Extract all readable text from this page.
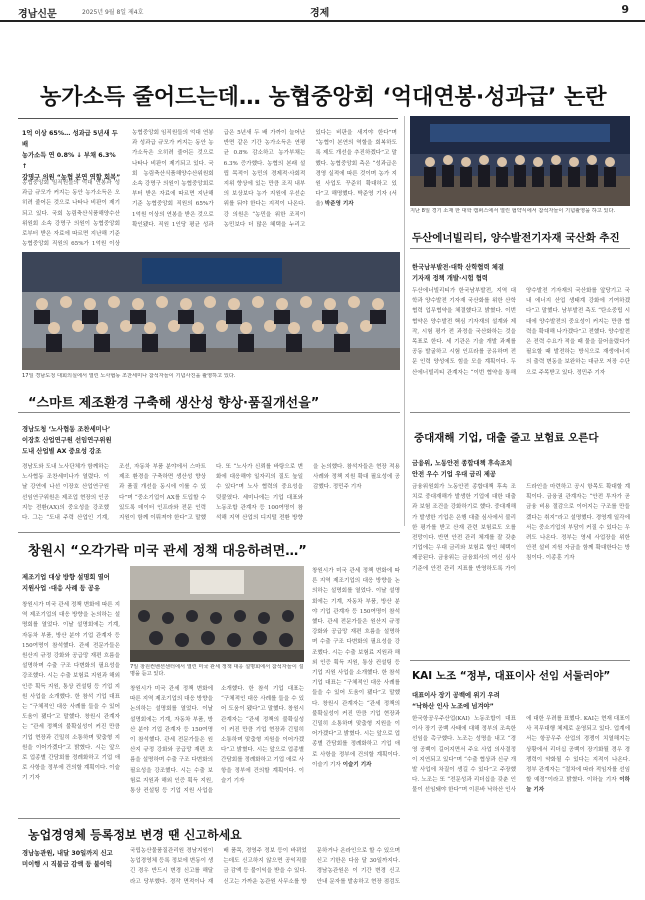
경남신문	2025년 9월 8일 제4호	경제	9
농가소득 줄어드는데… 농협중앙회 ‘억대연봉·성과급’ 논란
1억 이상 65%… 성과급 5년새 두배
농가소득 연 0.8% ↓ 부채 6.3% ↑
강명구 의원 “농협 본연 역할 회복”
농협중앙회 임직원들의 억대 연봉과 성과급 규모가 커지는 동안 농가소득은 오히려 줄어든 것으로 나타나 비판이 제기되고 있다. 국회 농림축산식품해양수산위원회 소속 강명구 의원이 농협중앙회로부터 받은 자료에 따르면 지난해 기준 농협중앙회 직원의 65%가 1억원 이상
농협중앙회 임직원들의 억대 연봉과 성과급 규모가 커지는 동안 농가소득은 오히려 줄어든 것으로 나타나 비판이 제기되고 있다. 국회 농림축산식품해양수산위원회 소속 강명구 의원이 농협중앙회로부터 받은 자료에 따르면 지난해 기준 농협중앙회 직원의 65%가 1억원 이상의 연봉을 받은 것으로 확인됐다. 직원 1인당 평균 성과급은 5년새 두 배 가까이 늘어난 반면 같은 기간 농가소득은 연평균 0.8% 감소하고 농가부채는 6.3% 증가했다. 농협의 본래 설립 목적이 농민의 경제적·사회적 지위 향상에 있는 만큼 조직 내부의 보상보다 농가 지원에 우선순위를 둬야 한다는 지적이 나온다. 강 의원은 “농민을 위한 조직이 농민보다 더 많은 혜택을 누리고 있다는 비판을 새겨야 한다”며 “농협이 본연의 역할을 회복하도록 제도 개선을 추진하겠다”고 말했다. 농협중앙회 측은 “성과급은 경영 실적에 따른 것이며 농가 지원 사업도 꾸준히 확대하고 있다”고 해명했다. 박준영 기자 (서울) 박준영 기자
지난 8일 경기 소재 한 대학 캠퍼스에서 열린 협약식에서 참석자들이 기념촬영을 하고 있다.
두산에너빌리티, 양수발전기자재 국산화 추진
한국남부발전·대학 산학협력 체결
기자재 정책 개발·시험 협력
두산에너빌리티가 한국남부발전, 지역 대학과 양수발전 기자재 국산화를 위한 산학협력 업무협약을 체결했다고 밝혔다. 이번 협약은 양수발전 핵심 기자재의 설계와 제작, 시험 평가 전 과정을 국산화하는 것을 목표로 한다. 세 기관은 기술 개발 과제를 공동 발굴하고 시험 인프라를 공유하며 전문 인력 양성에도 힘을 모을 계획이다. 두산에너빌리티 관계자는 “이번 협약을 통해 양수발전 기자재의 국산화를 앞당기고 국내 에너지 산업 생태계 강화에 기여하겠다”고 말했다. 남부발전 측도 “탄소중립 시대에 양수발전의 중요성이 커지는 만큼 협력을 확대해 나가겠다”고 전했다. 양수발전은 전력 수요가 적을 때 물을 끌어올렸다가 필요할 때 발전하는 방식으로 재생에너지의 출력 변동을 보완하는 대규모 저장 수단으로 주목받고 있다. 정민주 기자
17일 경남도청 대회의실에서 열린 노사협동 조찬세미나 참석자들이 기념사진을 촬영하고 있다.
“스마트 제조환경 구축해 생산성 향상·품질개선을”
경남도청 ‘노사협동 조찬세미나’
이장호 산업연구원 선임연구위원
도내 산업별 AX 중요성 강조
경남도와 도내 노사단체가 함께하는 노사협동 조찬세미나가 열렸다. 이날 강연에 나선 이장호 산업연구원 선임연구위원은 제조업 현장의 인공지능 전환(AX)의 중요성을 강조했다. 그는 “도내 주력 산업인 기계, 조선, 자동차 부품 분야에서 스마트 제조 환경을 구축하면 생산성 향상과 품질 개선을 동시에 이룰 수 있다”며 “중소기업이 AX를 도입할 수 있도록 데이터 인프라와 전문 인력 지원이 함께 이뤄져야 한다”고 말했다. 또 “노사가 신뢰를 바탕으로 변화에 대응해야 일자리의 질도 높일 수 있다”며 노사 협력의 중요성을 덧붙였다. 세미나에는 기업 대표와 노동조합 관계자 등 100여명이 참석해 지역 산업의 디지털 전환 방향을 논의했다. 참석자들은 현장 적용 사례와 정책 지원 확대 필요성에 공감했다. 정민주 기자
중대재해 기업, 대출 줄고 보험료 오른다
금융위, 노동안전 종합대책 후속조치
안전 우수 기업 우대 금리 제공
금융위원회가 노동안전 종합대책 후속 조치로 중대재해가 발생한 기업에 대한 대출과 보험 조건을 강화하기로 했다. 중대재해가 발생한 기업은 은행 대출 심사에서 불리한 평가를 받고 산재 관련 보험료도 오를 전망이다. 반면 안전 관리 체계를 잘 갖춘 기업에는 우대 금리와 보험료 할인 혜택이 제공된다. 금융위는 금융회사의 여신 심사 기준에 안전 관리 지표를 반영하도록 가이드라인을 마련하고 공시 항목도 확대할 계획이다. 금융권 관계자는 “안전 투자가 곧 금융 비용 절감으로 이어지는 구조를 만들겠다는 취지”라고 설명했다. 경영계 일각에서는 중소기업의 부담이 커질 수 있다는 우려도 나온다. 정부는 영세 사업장을 위한 안전 설비 지원 자금을 함께 확대한다는 방침이다. 이종훈 기자
창원시 “오각가락 미국 관세 정책 대응하려면…”
제조기업 대상 방향 설명회 열어
지원사업 ·대응 사례 등 공유
창원시가 미국 관세 정책 변화에 따른 지역 제조기업의 대응 방향을 논의하는 설명회를 열었다. 이날 설명회에는 기계, 자동차 부품, 방산 분야 기업 관계자 등 150여명이 참석했다. 관세 전문가들은 원산지 규정 강화와 공급망 재편 흐름을 설명하며 수출 구조 다변화의 필요성을 강조했다. 시는 수출 보험료 지원과 해외 인증 획득 지원, 통상 컨설팅 등 기업 지원 사업을 소개했다. 한 참석 기업 대표는 “구체적인 대응 사례를 들을 수 있어 도움이 됐다”고 말했다. 창원시 관계자는 “관세 정책의 불확실성이 커진 만큼 기업 현장과 긴밀히 소통하며 맞춤형 지원을 이어가겠다”고 밝혔다. 시는 앞으로 업종별 간담회를 정례화하고 기업 애로 사항을 정부에 건의할 계획이다. 이슬기 기자
7일 창원컨벤션센터에서 열린 미국 관세 정책 대응 설명회에서 참석자들이 설명을 듣고 있다.
창원시가 미국 관세 정책 변화에 따른 지역 제조기업의 대응 방향을 논의하는 설명회를 열었다. 이날 설명회에는 기계, 자동차 부품, 방산 분야 기업 관계자 등 150여명이 참석했다. 관세 전문가들은 원산지 규정 강화와 공급망 재편 흐름을 설명하며 수출 구조 다변화의 필요성을 강조했다. 시는 수출 보험료 지원과 해외 인증 획득 지원, 통상 컨설팅 등 기업 지원 사업을 소개했다. 한 참석 기업 대표는 “구체적인 대응 사례를 들을 수 있어 도움이 됐다”고 말했다. 창원시 관계자는 “관세 정책의 불확실성이 커진 만큼 기업 현장과 긴밀히 소통하며 맞춤형 지원을 이어가겠다”고 밝혔다. 시는 앞으로 업종별 간담회를 정례화하고 기업 애로 사항을 정부에 건의할 계획이다. 이슬기 기자
창원시가 미국 관세 정책 변화에 따른 지역 제조기업의 대응 방향을 논의하는 설명회를 열었다. 이날 설명회에는 기계, 자동차 부품, 방산 분야 기업 관계자 등 150여명이 참석했다. 관세 전문가들은 원산지 규정 강화와 공급망 재편 흐름을 설명하며 수출 구조 다변화의 필요성을 강조했다. 시는 수출 보험료 지원과 해외 인증 획득 지원, 통상 컨설팅 등 기업 지원 사업을 소개했다. 한 참석 기업 대표는 “구체적인 대응 사례를 들을 수 있어 도움이 됐다”고 말했다. 창원시 관계자는 “관세 정책의 불확실성이 커진 만큼 기업 현장과 긴밀히 소통하며 맞춤형 지원을 이어가겠다”고 밝혔다. 시는 앞으로 업종별 간담회를 정례화하고 기업 애로 사항을 정부에 건의할 계획이다. 이슬기 기자 이슬기 기자
KAI 노조 “정부, 대표이사 선임 서둘러야”
대표이사 장기 공백에 위기 우려
“낙하산 인사 노조에 넘겨야”
한국항공우주산업(KAI) 노동조합이 대표이사 장기 공백 사태에 대해 정부의 조속한 선임을 촉구했다. 노조는 성명을 내고 “경영 공백이 길어지면서 주요 사업 의사결정이 지연되고 있다”며 “수출 협상과 신규 개발 사업에 차질이 생길 수 있다”고 주장했다. 노조는 또 “전문성과 리더십을 갖춘 인물이 선임돼야 한다”며 이른바 낙하산 인사에 대한 우려를 표했다. KAI는 현재 대표이사 직무대행 체제로 운영되고 있다. 업계에서는 항공우주 산업의 경쟁이 치열해지는 상황에서 리더십 공백이 장기화될 경우 경쟁력이 약화될 수 있다는 지적이 나온다. 정부 관계자는 “절차에 따라 적임자를 선임할 예정”이라고 밝혔다. 이하늘 기자 이하늘 기자
농업경영체 등록정보 변경 땐 신고하세요
경남농관원, 내달 30일까지 신고
미이행 시 직불금 감액 등 불이익
국립농산물품질관리원 경남지원이 농업경영체 등록 정보에 변동이 생긴 경우 반드시 변경 신고를 해달라고 당부했다. 경작 면적이나 재배 품목, 경영주 정보 등이 바뀌었는데도 신고하지 않으면 공익직불금 감액 등 불이익을 받을 수 있다. 신고는 가까운 농관원 사무소를 방문하거나 온라인으로 할 수 있으며 신고 기한은 다음 달 30일까지다. 경남농관원은 이 기간 변경 신고 안내 문자를 발송하고 현장 점검도
